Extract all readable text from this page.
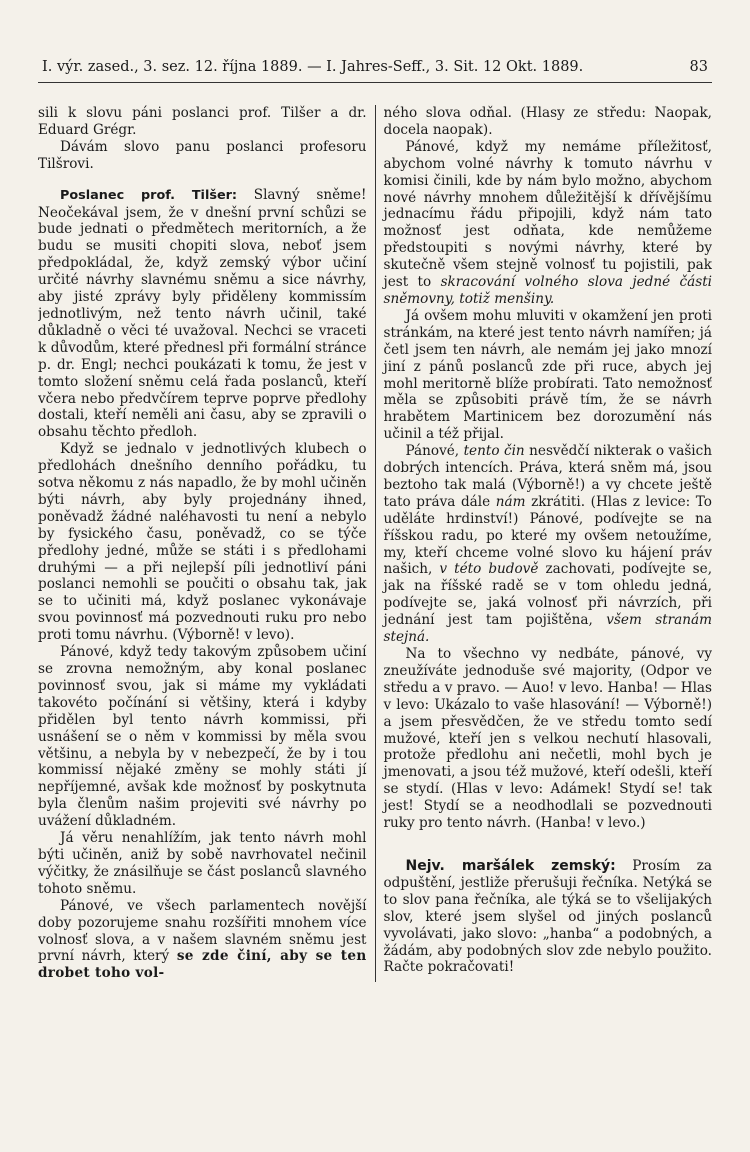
I. výr. zased., 3. sez. 12. října 1889. — I. Jahres-Seff., 3. Sit. 12 Okt. 1889.	83

sili k slovu páni poslanci prof. Tilšer a dr. Eduard Grégr.

Dávám slovo panu poslanci profesoru Tilšrovi.

Poslanec prof. Tilšer: Slavný sněme! Neočekával jsem, že v dnešní první schůzi se bude jednati o předmětech meritorních, a že budu se musiti chopiti slova, neboť jsem předpokládal, že, když zemský výbor učiní určité návrhy slavnému sněmu a sice návrhy, aby jisté zprávy byly přiděleny kommissím jednotlivým, než tento návrh učinil, také důkladně o věci té uvažoval. Nechci se vraceti k důvodům, které přednesl při formální stránce p. dr. Engl; nechci poukázati k tomu, že jest v tomto složení sněmu celá řada poslanců, kteří včera nebo předvčírem teprve poprve předlohy dostali, kteří neměli ani času, aby se zpravili o obsahu těchto předloh.

Když se jednalo v jednotlivých klubech o předlohách dnešního denního pořádku, tu sotva někomu z nás napadlo, že by mohl učiněn býti návrh, aby byly projednány ihned, poněvadž žádné naléhavosti tu není a nebylo by fysického času, poněvadž, co se týče předlohy jedné, může se státi i s předlohami druhými — a při nejlepší píli jednotliví páni poslanci nemohli se poučiti o obsahu tak, jak se to učiniti má, když poslanec vykonávaje svou povinnosť má pozvednouti ruku pro nebo proti tomu návrhu. (Výborně! v levo).

Pánové, když tedy takovým způsobem učiní se zrovna nemožným, aby konal poslanec povinnosť svou, jak si máme my vykládati takovéto počínání si většiny, která i kdyby přidělen byl tento návrh kommissi, při usnášení se o něm v kommissi by měla svou většinu, a nebyla by v nebezpečí, že by i tou kommissí nějaké změny se mohly státi jí nepříjemné, avšak kde možnosť by poskytnuta byla členům našim projeviti své návrhy po uvážení důkladném.

Já věru nenahlížím, jak tento návrh mohl býti učiněn, aniž by sobě navrhovatel nečinil výčitky, že znásilňuje se část poslanců slavného tohoto sněmu.

Pánové, ve všech parlamentech novější doby pozorujeme snahu rozšířiti mnohem více volnosť slova, a v našem slavném sněmu jest první návrh, který se zde činí, aby se ten drobet toho vol-

ného slova odňal. (Hlasy ze středu: Naopak, docela naopak).

Pánové, když my nemáme příležitosť, abychom volné návrhy k tomuto návrhu v komisi činili, kde by nám bylo možno, abychom nové návrhy mnohem důležitější k dřívějšímu jednacímu řádu připojili, když nám tato možnosť jest odňata, kde nemůžeme předstoupiti s novými návrhy, které by skutečně všem stejně volnosť tu pojistili, pak jest to skracování volného slova jedné části sněmovny, totiž menšiny.

Já ovšem mohu mluviti v okamžení jen proti stránkám, na které jest tento návrh namířen; já četl jsem ten návrh, ale nemám jej jako mnozí jiní z pánů poslanců zde při ruce, abych jej mohl meritorně blíže probírati. Tato nemožnosť měla se způsobiti právě tím, že se návrh hrabětem Martinicem bez dorozumění nás učinil a též přijal.

Pánové, tento čin nesvědčí nikterak o vašich dobrých intencích. Práva, která sněm má, jsou beztoho tak malá (Výborně!) a vy chcete ještě tato práva dále nám zkrátiti. (Hlas z levice: To uděláte hrdinství!) Pánové, podívejte se na říšskou radu, po které my ovšem netoužíme, my, kteří chceme volné slovo ku hájení práv našich, v této budově zachovati, podívejte se, jak na říšské radě se v tom ohledu jedná, podívejte se, jaká volnosť při návrzích, při jednání jest tam pojištěna, všem stranám stejná.

Na to všechno vy nedbáte, pánové, vy zneužíváte jednoduše své majority, (Odpor ve středu a v pravo. — Auo! v levo. Hanba! — Hlas v levo: Ukázalo to vaše hlasování! — Výborně!) a jsem přesvědčen, že ve středu tomto sedí mužové, kteří jen s velkou nechutí hlasovali, protože předlohu ani nečetli, mohl bych je jmenovati, a jsou též mužové, kteří odešli, kteří se stydí. (Hlas v levo: Adámek! Stydí se! tak jest! Stydí se a neodhodlali se pozvednouti ruky pro tento návrh. (Hanba! v levo.)

Nejv. maršálek zemský: Prosím za odpuštění, jestliže přerušuji řečníka. Netýká se to slov pana řečníka, ale týká se to všelijakých slov, které jsem slyšel od jiných poslanců vyvolávati, jako slovo: „hanba“ a podobných, a žádám, aby podobných slov zde nebylo použito. Račte pokračovati!
